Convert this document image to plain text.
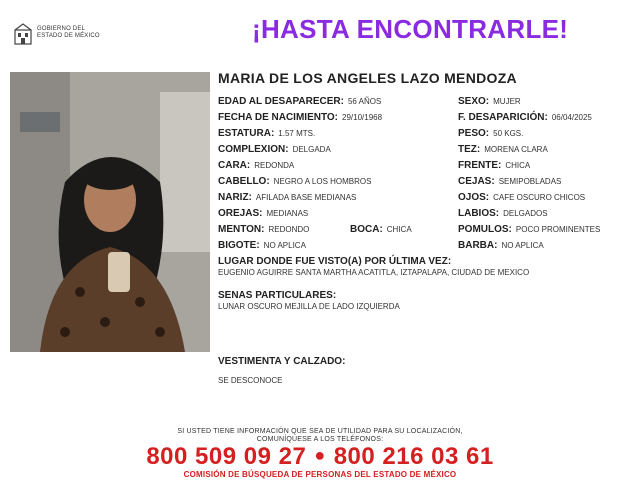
GOBIERNO DEL
ESTADO DE MÉXICO	¡HASTA ENCONTRARLE!
MARIA DE LOS ANGELES LAZO MENDOZA
EDAD AL DESAPARECER: 56 AÑOS
FECHA DE NACIMIENTO: 29/10/1968
ESTATURA: 1.57 MTS.
COMPLEXION: DELGADA
CARA: REDONDA
CABELLO: NEGRO A LOS HOMBROS
NARIZ: AFILADA BASE MEDIANAS
OREJAS: MEDIANAS
MENTON: REDONDO	BOCA: CHICA
BIGOTE: NO APLICA
SEXO: MUJER
F. DESAPARICIÓN: 06/04/2025
PESO: 50 KGS.
TEZ: MORENA CLARA
FRENTE: CHICA
CEJAS: SEMIPOBLADAS
OJOS: CAFE OSCURO CHICOS
LABIOS: DELGADOS
POMULOS: POCO PROMINENTES
BARBA: NO APLICA
LUGAR DONDE FUE VISTO(A) POR ÚLTIMA VEZ:
EUGENIO AGUIRRE SANTA MARTHA ACATITLA, IZTAPALAPA, CIUDAD DE MEXICO
SENAS PARTICULARES:
LUNAR OSCURO MEJILLA DE LADO IZQUIERDA
VESTIMENTA Y CALZADO:
SE DESCONOCE
SI USTED TIENE INFORMACIÓN QUE SEA DE UTILIDAD PARA SU LOCALIZACIÓN,
COMUNÍQUESE A LOS TELÉFONOS:
800 509 09 27 ● 800 216 03 61
COMISIÓN DE BÚSQUEDA DE PERSONAS DEL ESTADO DE MÉXICO
